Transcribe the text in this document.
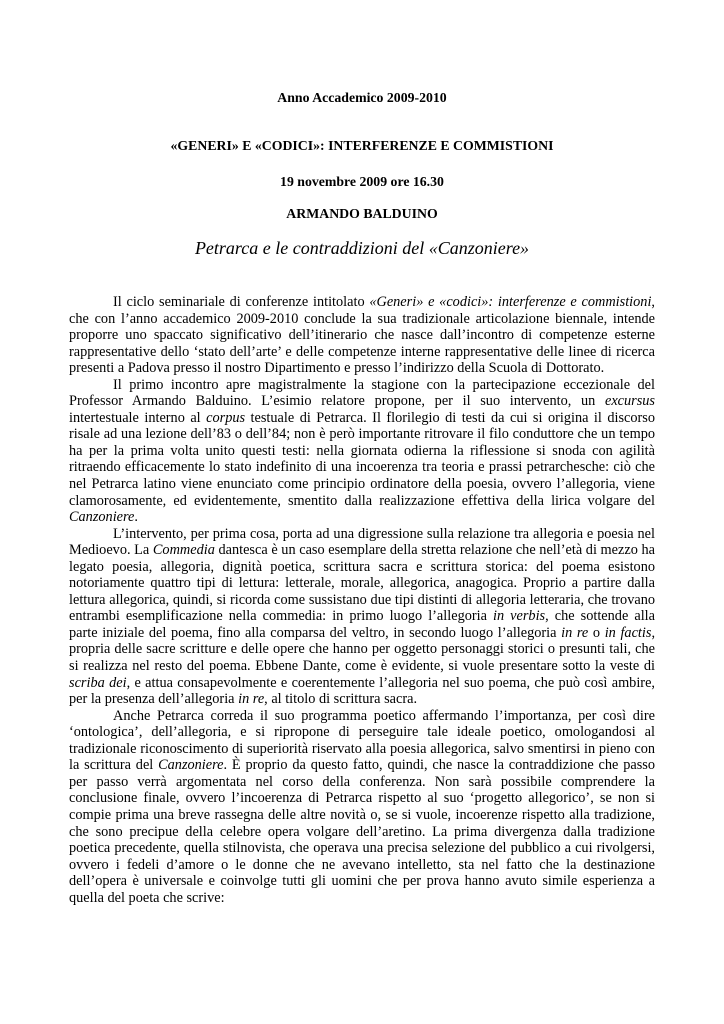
Anno Accademico 2009-2010

«GENERI» E «CODICI»: INTERFERENZE E COMMISTIONI

19 novembre 2009 ore 16.30

ARMANDO BALDUINO

Petrarca e le contraddizioni del «Canzoniere»

Il ciclo seminariale di conferenze intitolato «Generi» e «codici»: interferenze e commistioni, che con l’anno accademico 2009-2010 conclude la sua tradizionale articolazione biennale, intende proporre uno spaccato significativo dell’itinerario che nasce dall’incontro di competenze esterne rappresentative dello ‘stato dell’arte’ e delle competenze interne rappresentative delle linee di ricerca presenti a Padova presso il nostro Dipartimento e presso l’indirizzo della Scuola di Dottorato.

Il primo incontro apre magistralmente la stagione con la partecipazione eccezionale del Professor Armando Balduino. L’esimio relatore propone, per il suo intervento, un excursus intertestuale interno al corpus testuale di Petrarca. Il florilegio di testi da cui si origina il discorso risale ad una lezione dell’83 o dell’84; non è però importante ritrovare il filo conduttore che un tempo ha per la prima volta unito questi testi: nella giornata odierna la riflessione si snoda con agilità ritraendo efficacemente lo stato indefinito di una incoerenza tra teoria e prassi petrarchesche: ciò che nel Petrarca latino viene enunciato come principio ordinatore della poesia, ovvero l’allegoria, viene clamorosamente, ed evidentemente, smentito dalla realizzazione effettiva della lirica volgare del Canzoniere.

L’intervento, per prima cosa, porta ad una digressione sulla relazione tra allegoria e poesia nel Medioevo. La Commedia dantesca è un caso esemplare della stretta relazione che nell’età di mezzo ha legato poesia, allegoria, dignità poetica, scrittura sacra e scrittura storica: del poema esistono notoriamente quattro tipi di lettura: letterale, morale, allegorica, anagogica. Proprio a partire dalla lettura allegorica, quindi, si ricorda come sussistano due tipi distinti di allegoria letteraria, che trovano entrambi esemplificazione nella commedia: in primo luogo l’allegoria in verbis, che sottende alla parte iniziale del poema, fino alla comparsa del veltro, in secondo luogo l’allegoria in re o in factis, propria delle sacre scritture e delle opere che hanno per oggetto personaggi storici o presunti tali, che si realizza nel resto del poema. Ebbene Dante, come è evidente, si vuole presentare sotto la veste di scriba dei, e attua consapevolmente e coerentemente l’allegoria nel suo poema, che può così ambire, per la presenza dell’allegoria in re, al titolo di scrittura sacra.

Anche Petrarca correda il suo programma poetico affermando l’importanza, per così dire ‘ontologica’, dell’allegoria, e si ripropone di perseguire tale ideale poetico, omologandosi al tradizionale riconoscimento di superiorità riservato alla poesia allegorica, salvo smentirsi in pieno con la scrittura del Canzoniere. È proprio da questo fatto, quindi, che nasce la contraddizione che passo per passo verrà argomentata nel corso della conferenza. Non sarà possibile comprendere la conclusione finale, ovvero l’incoerenza di Petrarca rispetto al suo ‘progetto allegorico’, se non si compie prima una breve rassegna delle altre novità o, se si vuole, incoerenze rispetto alla tradizione, che sono precipue della celebre opera volgare dell’aretino. La prima divergenza dalla tradizione poetica precedente, quella stilnovista, che operava una precisa selezione del pubblico a cui rivolgersi, ovvero i fedeli d’amore o le donne che ne avevano intelletto, sta nel fatto che la destinazione dell’opera è universale e coinvolge tutti gli uomini che per prova hanno avuto simile esperienza a quella del poeta che scrive:
